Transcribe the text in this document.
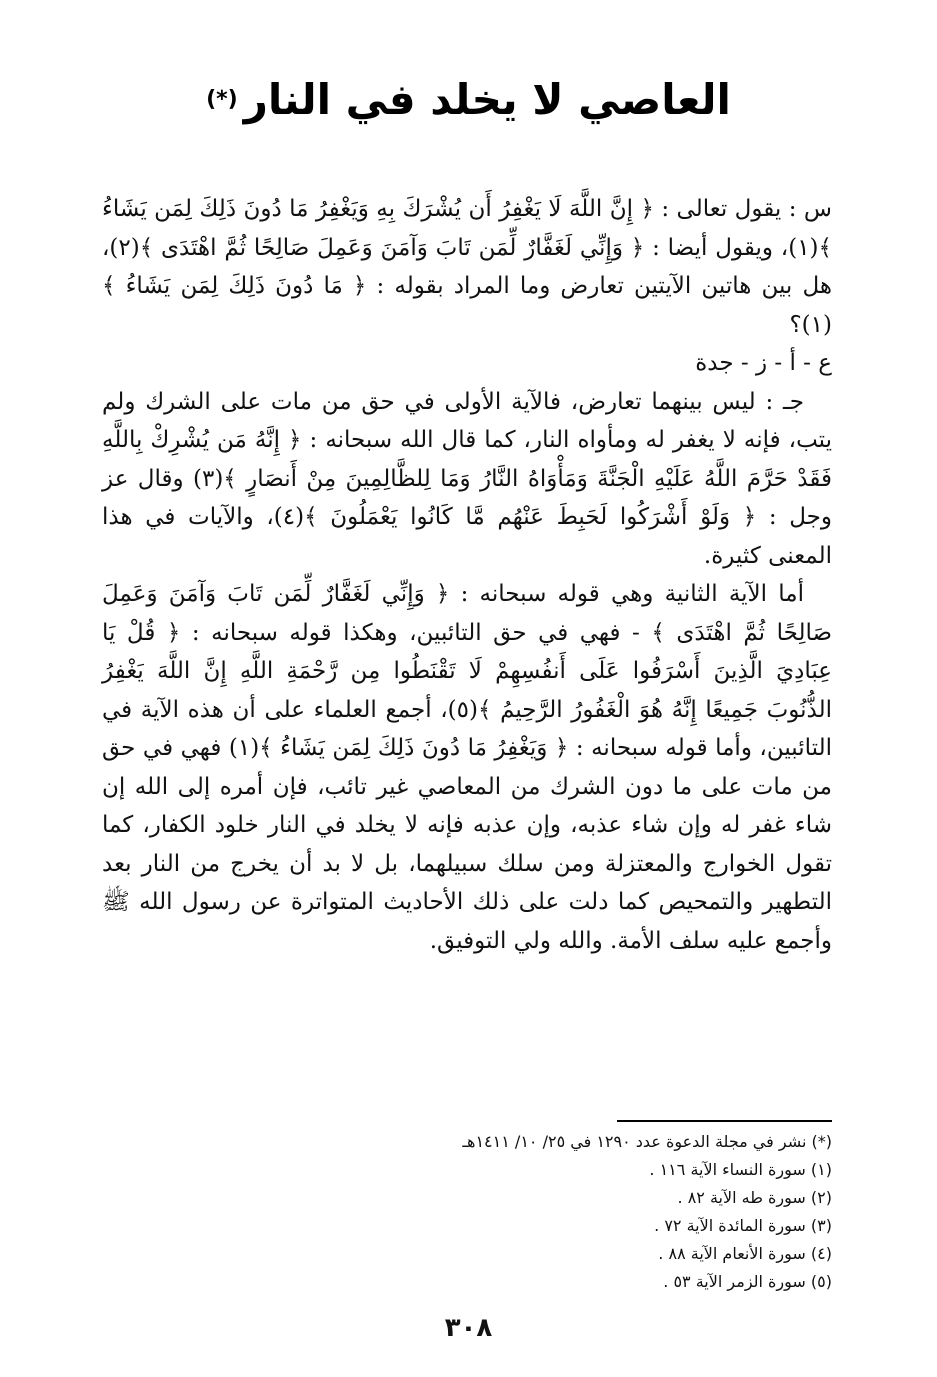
العاصي لا يخلد في النار(*)

س : يقول تعالى : ﴿ إِنَّ اللَّهَ لَا يَغْفِرُ أَن يُشْرَكَ بِهِ وَيَغْفِرُ مَا دُونَ ذَلِكَ لِمَن يَشَاءُ ﴾(١)، ويقول أيضا : ﴿ وَإِنِّي لَغَفَّارٌ لِّمَن تَابَ وَآمَنَ وَعَمِلَ صَالِحًا ثُمَّ اهْتَدَى ﴾(٢)، هل بين هاتين الآيتين تعارض وما المراد بقوله : ﴿ مَا دُونَ ذَلِكَ لِمَن يَشَاءُ ﴾(١)؟

ع - أ - ز - جدة

جـ : ليس بينهما تعارض، فالآية الأولى في حق من مات على الشرك ولم يتب، فإنه لا يغفر له ومأواه النار، كما قال الله سبحانه : ﴿ إِنَّهُ مَن يُشْرِكْ بِاللَّهِ فَقَدْ حَرَّمَ اللَّهُ عَلَيْهِ الْجَنَّةَ وَمَأْوَاهُ النَّارُ وَمَا لِلظَّالِمِينَ مِنْ أَنصَارٍ ﴾(٣) وقال عز وجل : ﴿ وَلَوْ أَشْرَكُوا لَحَبِطَ عَنْهُم مَّا كَانُوا يَعْمَلُونَ ﴾(٤)، والآيات في هذا المعنى كثيرة.

أما الآية الثانية وهي قوله سبحانه : ﴿ وَإِنِّي لَغَفَّارٌ لِّمَن تَابَ وَآمَنَ وَعَمِلَ صَالِحًا ثُمَّ اهْتَدَى ﴾ - فهي في حق التائبين، وهكذا قوله سبحانه : ﴿ قُلْ يَا عِبَادِيَ الَّذِينَ أَسْرَفُوا عَلَى أَنفُسِهِمْ لَا تَقْنَطُوا مِن رَّحْمَةِ اللَّهِ إِنَّ اللَّهَ يَغْفِرُ الذُّنُوبَ جَمِيعًا إِنَّهُ هُوَ الْغَفُورُ الرَّحِيمُ ﴾(٥)، أجمع العلماء على أن هذه الآية في التائبين، وأما قوله سبحانه : ﴿ وَيَغْفِرُ مَا دُونَ ذَلِكَ لِمَن يَشَاءُ ﴾(١) فهي في حق من مات على ما دون الشرك من المعاصي غير تائب، فإن أمره إلى الله إن شاء غفر له وإن شاء عذبه، وإن عذبه فإنه لا يخلد في النار خلود الكفار، كما تقول الخوارج والمعتزلة ومن سلك سبيلهما، بل لا بد أن يخرج من النار بعد التطهير والتمحيص كما دلت على ذلك الأحاديث المتواترة عن رسول الله ﷺ وأجمع عليه سلف الأمة. والله ولي التوفيق.

(*) نشر في مجلة الدعوة عدد ١٢٩٠ في ٢٥/ ١٠/ ١٤١١هـ
(١) سورة النساء الآية ١١٦ .
(٢) سورة طه الآية ٨٢ .
(٣) سورة المائدة الآية ٧٢ .
(٤) سورة الأنعام الآية ٨٨ .
(٥) سورة الزمر الآية ٥٣ .
٣٠٨
